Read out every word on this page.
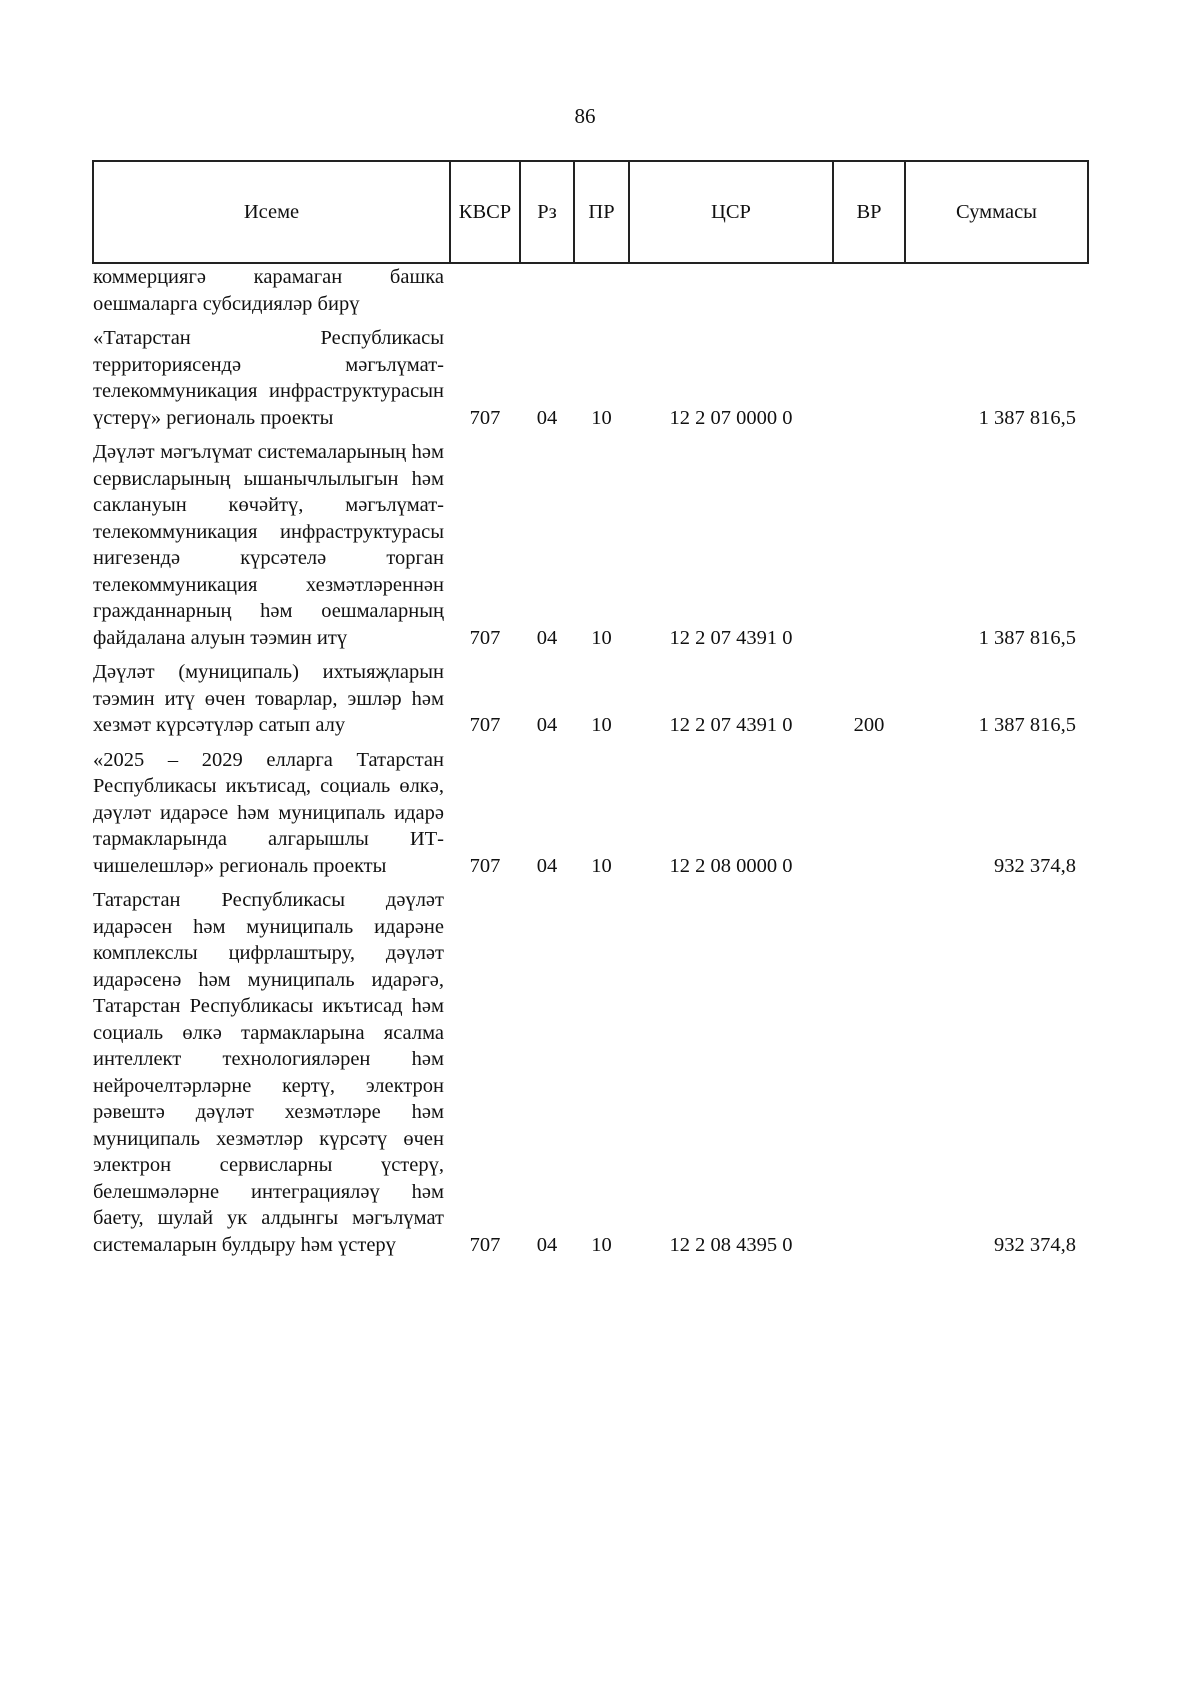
86
Исеме	КВСР	Рз	ПР	ЦСР	ВР	Суммасы
коммерциягә карамаган башка оешмаларга субсидияләр бирү						
«Татарстан Республикасы территориясендә мәгълүмат-телекоммуникация инфраструктурасын үстерү» региональ проекты	707	04	10	12 2 07 0000 0		1 387 816,5
Дәүләт мәгълүмат системаларының һәм сервисларының ышанычлылыгын һәм саклануын көчәйтү, мәгълүмат-телекоммуникация инфраструктурасы нигезендә күрсәтелә торган телекоммуникация хезмәтләреннән гражданнарның һәм оешмаларның файдалана алуын тәэмин итү	707	04	10	12 2 07 4391 0		1 387 816,5
Дәүләт (муниципаль) ихтыяҗларын тәэмин итү өчен товарлар, эшләр һәм хезмәт күрсәтүләр сатып алу	707	04	10	12 2 07 4391 0	200	1 387 816,5
«2025 – 2029 елларга Татарстан Республикасы икътисад, социаль өлкә, дәүләт идарәсе һәм муниципаль идарә тармакларында алгарышлы ИТ-чишелешләр» региональ проекты	707	04	10	12 2 08 0000 0		932 374,8
Татарстан Республикасы дәүләт идарәсен һәм муниципаль идарәне комплекслы цифрлаштыру, дәүләт идарәсенә һәм муниципаль идарәгә, Татарстан Республикасы икътисад һәм социаль өлкә тармакларына ясалма интеллект технологияләрен һәм нейрочелтәрләрне кертү, электрон рәвештә дәүләт хезмәтләре һәм муниципаль хезмәтләр күрсәтү өчен электрон сервисларны үстерү, белешмәләрне интеграцияләү һәм баету, шулай ук алдынгы мәгълүмат системаларын булдыру һәм үстерү	707	04	10	12 2 08 4395 0		932 374,8
